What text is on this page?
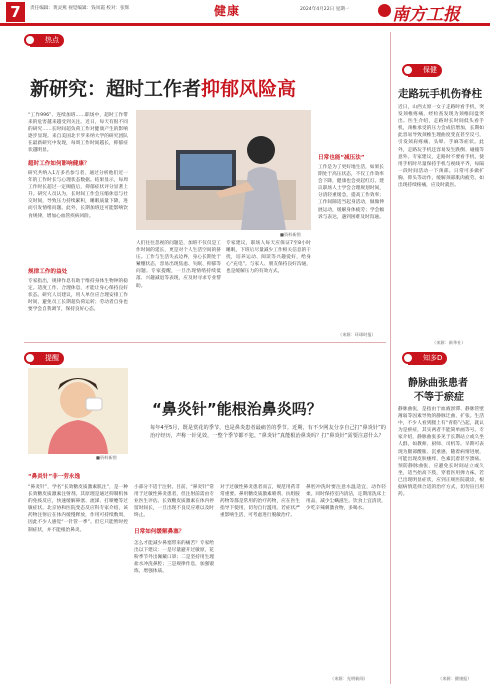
7	责任编辑：黄灵燕 视觉编辑：钱凤霞 校对：张辉	健康	2024年4月22日 星期一	南方工报
热点
新研究：超时工作者抑郁风险高
“工作996”、连续加班……职场中，超时工作带来的危害越来越受到关注。近日，每天有很不同的研究……长时间超负荷工作对健康产生的影响逐步显现。来自美国北卡罗来纳大学的研究团队在最新研究中发现，每周工作时间越长，抑郁症状越明显。
超时工作如何影响健康？
研究共纳入1万多名参与者，通过分析他们近一年的工作时长与心理状态数据。结果显示，每周工作时长超过一定阈值后，抑郁症状评分显著上升。研究人员认为，长时间工作会压缩休息与社交时间，导致压力持续累积，睡眠质量下降，进而引发情绪问题。此外，长期加班还可能影响饮食规律，增加心血管疾病风险。
规律工作的益处
专家指出，规律作息有助于维持身体生物钟的稳定。适度工作、合理休息，才能让身心保持良好状态。研究人员建议，用人单位应合理安排工作时间，避免员工长期超负荷运转；劳动者自身也要学会自我调节，保持良好心态。
■资料新图
人们往往忽视的问题是，加班不仅仅是工作时间的延长，更是对个人生活空间的挤压。工作与生活失去边界，身心长期处于紧绷状态，容易出现焦虑、失眠、抑郁等问题。专家提醒，一旦出现情绪持续低落、兴趣减退等表现，应及时寻求专业帮助。
专家建议，职场人每天应保证7至8小时睡眠，下班后尽量减少工作相关信息的干扰，培养运动、阅读等兴趣爱好，给身心“充电”。与家人、朋友保持良好沟通，也是缓解压力的有效方式。
日常也能“减压法”
工作是为了更好地生活，如果长期处于高压状态，不仅工作效率会下降，健康也会亮起红灯。建议职场人士学会合理规划时间，分清轻重缓急，提高工作效率；工作间隙适当起身活动，做做伸展运动，缓解身体疲劳；学会倾诉与表达，遇到困难及时沟通。
（来源：环球时报）
提醒
■资料新图
“鼻炎针”能根治鼻炎吗？
每年4至5月，既是赏花的季节，也是鼻炎患者最痛苦的季节。近期，有不少网友分享自己打“鼻炎针”的治疗经历，声称一针见效，一整个季节都不犯。“鼻炎针”真能根治鼻炎吗？打“鼻炎针”需要注意什么？
“鼻炎针”非一劳永逸
“鼻炎针”，学名“长效糖皮质激素肌注”，是一种长效糖皮质激素注射剂。其原理是通过抑制机体的免疫反应，快速缓解鼻塞、流涕、打喷嚏等过敏症状。北京协和医院变态反应科专家介绍，该药物注射后在体内缓慢释放，作用可持续数周，因此不少人感觉“一针管一季”。但它只能暂时控制症状，并不能根治鼻炎。
小部分不适于注射。目前，“鼻炎针”常用于过敏性鼻炎患者，但注射前需由专业医生评估。长效糖皮质激素在体内停留时间长，一旦出现不良反应难以及时终止。
日常如何缓解鼻塞？
怎么才能减少鼻塞带来的痛苦？专家给出以下建议：一是尽量避开过敏原，花粉季节外出佩戴口罩；二是坚持用生理盐水冲洗鼻腔；三是规律作息，加强锻炼，增强体质。
对于过敏性鼻炎患者而言，规范用药非常重要。鼻用糖皮质激素喷剂、抗组胺药物等都是常用的治疗药物，应在医生指导下使用，切勿自行滥用。若症状严重影响生活，可考虑进行脱敏治疗。
鼻腔冲洗时要注意水温适宜，动作轻柔。同时保持室内清洁，定期清洗床上用品，减少尘螨滋生。饮食上宜清淡，少吃辛辣刺激食物，多喝水。
（来源：光明新闻）
保健
走路玩手机伤脊柱
近日，山西太原一女子走路时看手机，突发颈椎疼痛，经检查发现为颈椎间盘突出。医生介绍，走路时长时间低头看手机，颈椎承受的压力会成倍增加，长期如此容易导致颈椎生理曲度变直甚至反弓，引发颈肩疼痛、头晕、手麻等症状。此外，走路玩手机还容易发生跌倒、碰撞等意外。专家建议，走路时不要看手机，使用手机时尽量保持手机与视线平齐，每隔一段时间活动一下颈部。日常可多做扩胸、仰头等动作，缓解颈部肌肉疲劳。如出现持续疼痛，应及时就医。
（来源：新华社）
知多D
静脉曲张患者
不等于瘀症
静脉曲张，是指由于血液淤滞、静脉管壁薄弱等因素导致的静脉迂曲、扩张。生活中，不少人看到腿上有“青筋”凸起，就认为是瘀症，其实两者不能简单画等号。专家介绍，静脉曲张多见于长期站立或久坐人群，如教师、厨师、司机等。早期可表现为腿部酸胀、沉重感，随着病情进展，可能出现皮肤瘙痒、色素沉着甚至溃疡。预防静脉曲张，应避免长时间站立或久坐，适当抬高下肢，穿着医用弹力袜。若已出现明显症状，应到正规医院就诊，根据病情选择合适的治疗方式，切勿盲目用药。
（来源：健康报）
